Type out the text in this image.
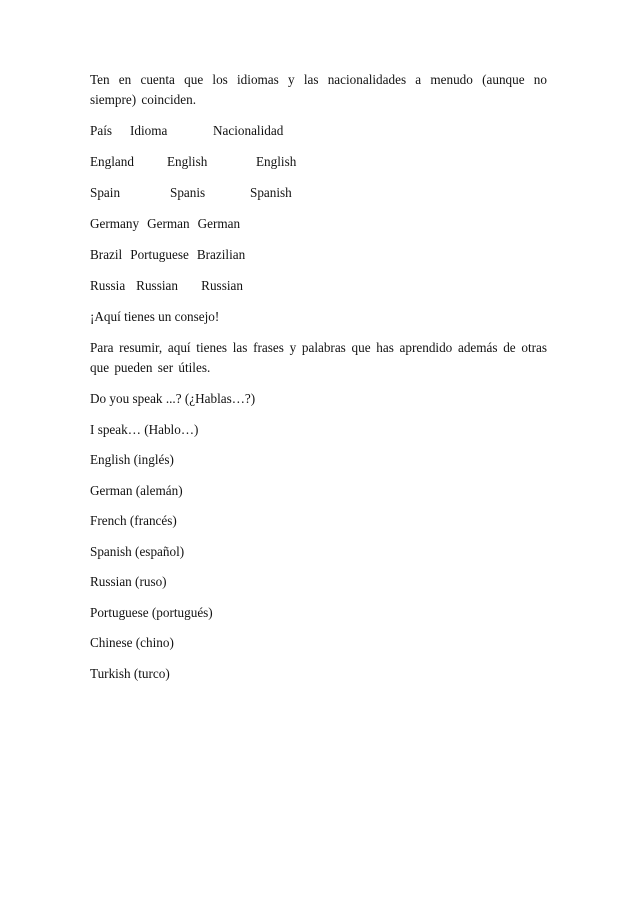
Ten en cuenta que los idiomas y las nacionalidades a menudo (aunque no siempre) coinciden.

País	Idioma	Nacionalidad
England	English	English
Spain	Spanis	Spanish
Germany German German
Brazil Portuguese Brazilian
Russia Russian	Russian
¡Aquí tienes un consejo!

Para resumir, aquí tienes las frases y palabras que has aprendido además de otras que pueden ser útiles.

Do you speak ...? (¿Hablas…?)
I speak… (Hablo…)
English (inglés)
German (alemán)
French (francés)
Spanish (español)
Russian (ruso)
Portuguese (portugués)
Chinese (chino)
Turkish (turco)
